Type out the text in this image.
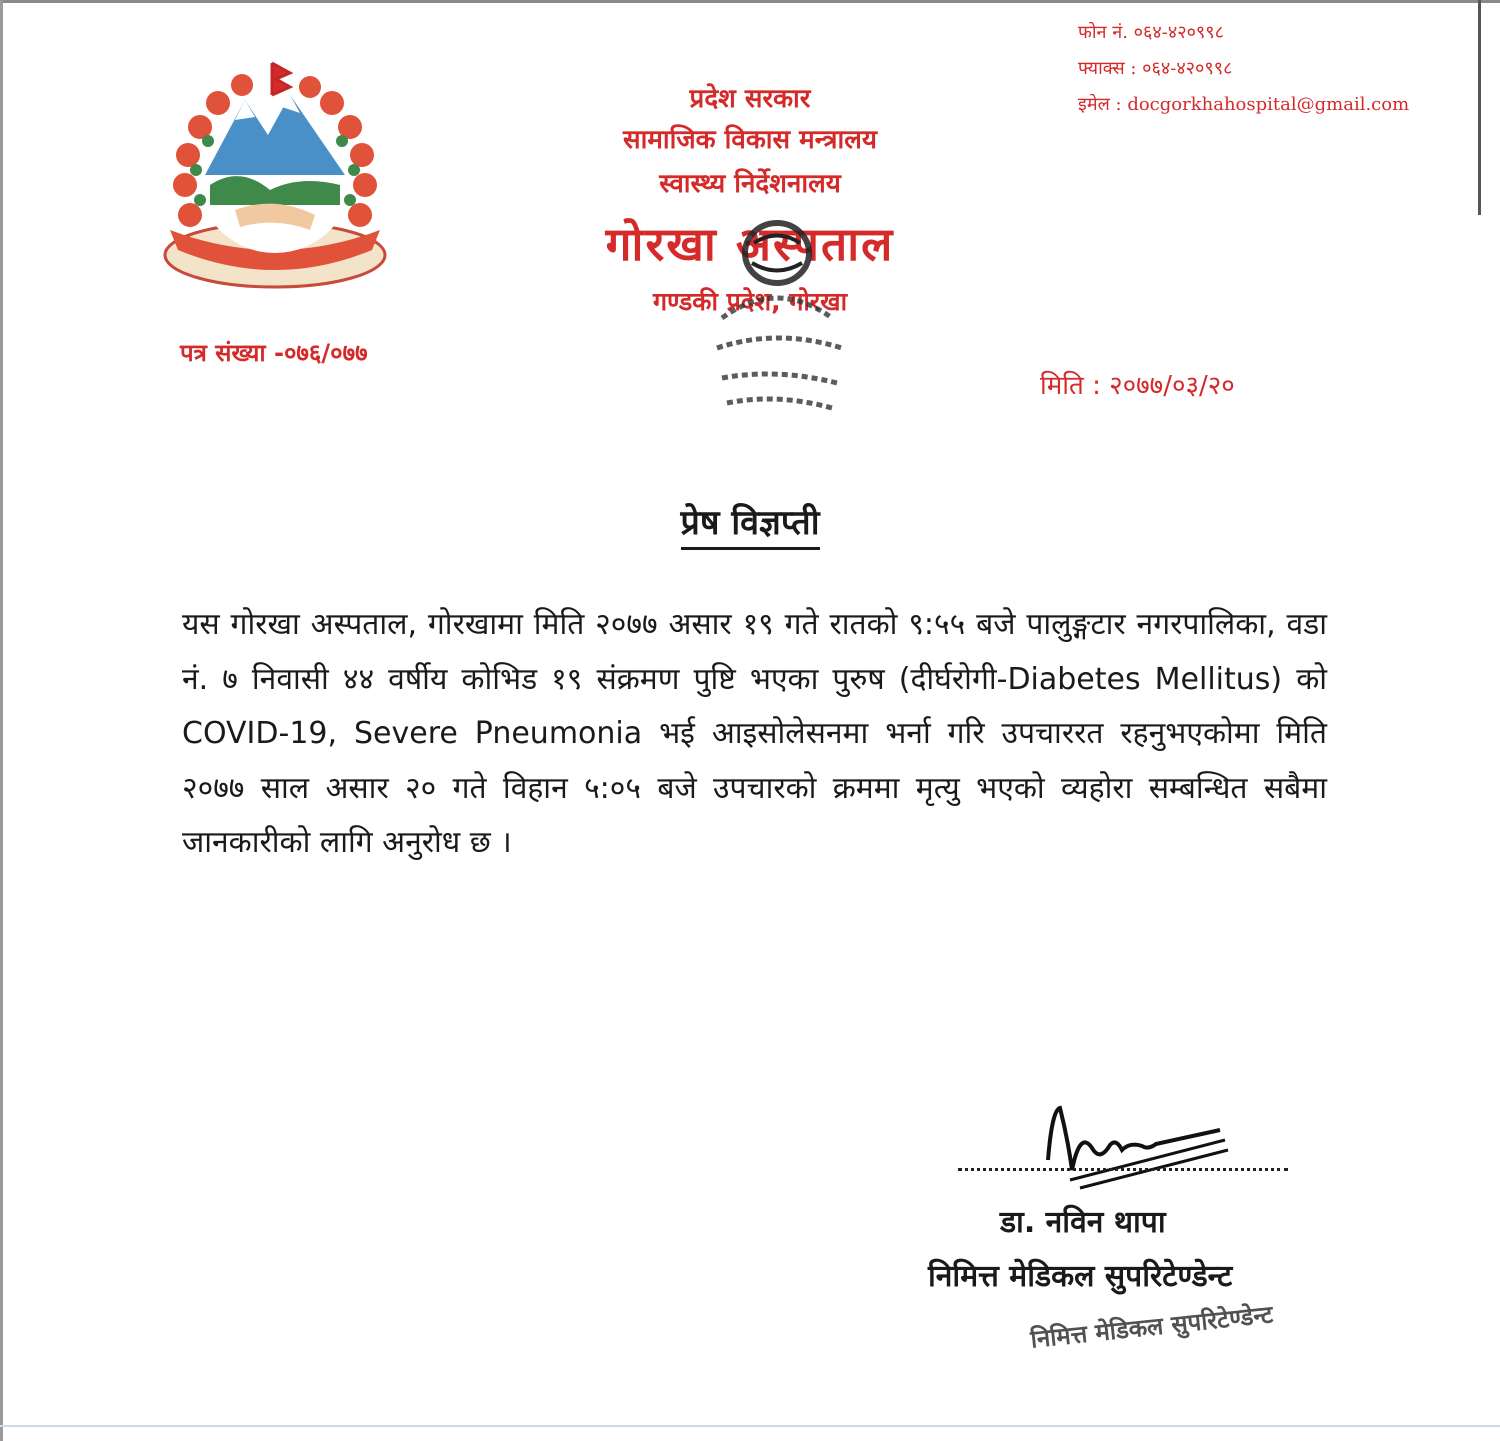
प्रदेश सरकार

सामाजिक विकास मन्त्रालय

स्वास्थ्य निर्देशनालय

गोरखा अस्पताल

गण्डकी प्रदेश, गोरखा

फोन नं. ०६४-४२०९९८
फ्याक्स : ०६४-४२०९९८
इमेल : docgorkhahospital@gmail.com
पत्र संख्या -०७६/०७७
मिति : २०७७/०३/२०
प्रेष विज्ञप्ती
यस गोरखा अस्पताल, गोरखामा मिति २०७७ असार १९ गते रातको ९:५५ बजे पालुङ्गटार नगरपालिका, वडा नं. ७ निवासी ४४ वर्षीय कोभिड १९ संक्रमण पुष्टि भएका पुरुष (दीर्घरोगी-Diabetes Mellitus) को COVID-19, Severe Pneumonia भई आइसोलेसनमा भर्ना गरि उपचाररत रहनुभएकोमा मिति २०७७ साल असार २० गते विहान ५:०५ बजे उपचारको क्रममा मृत्यु भएको व्यहोरा सम्बन्धित सबैमा जानकारीको लागि अनुरोध छ ।
डा. नविन थापा
निमित्त मेडिकल सुपरिटेण्डेन्ट
निमित्त मेडिकल सुपरिटेण्डेन्ट
